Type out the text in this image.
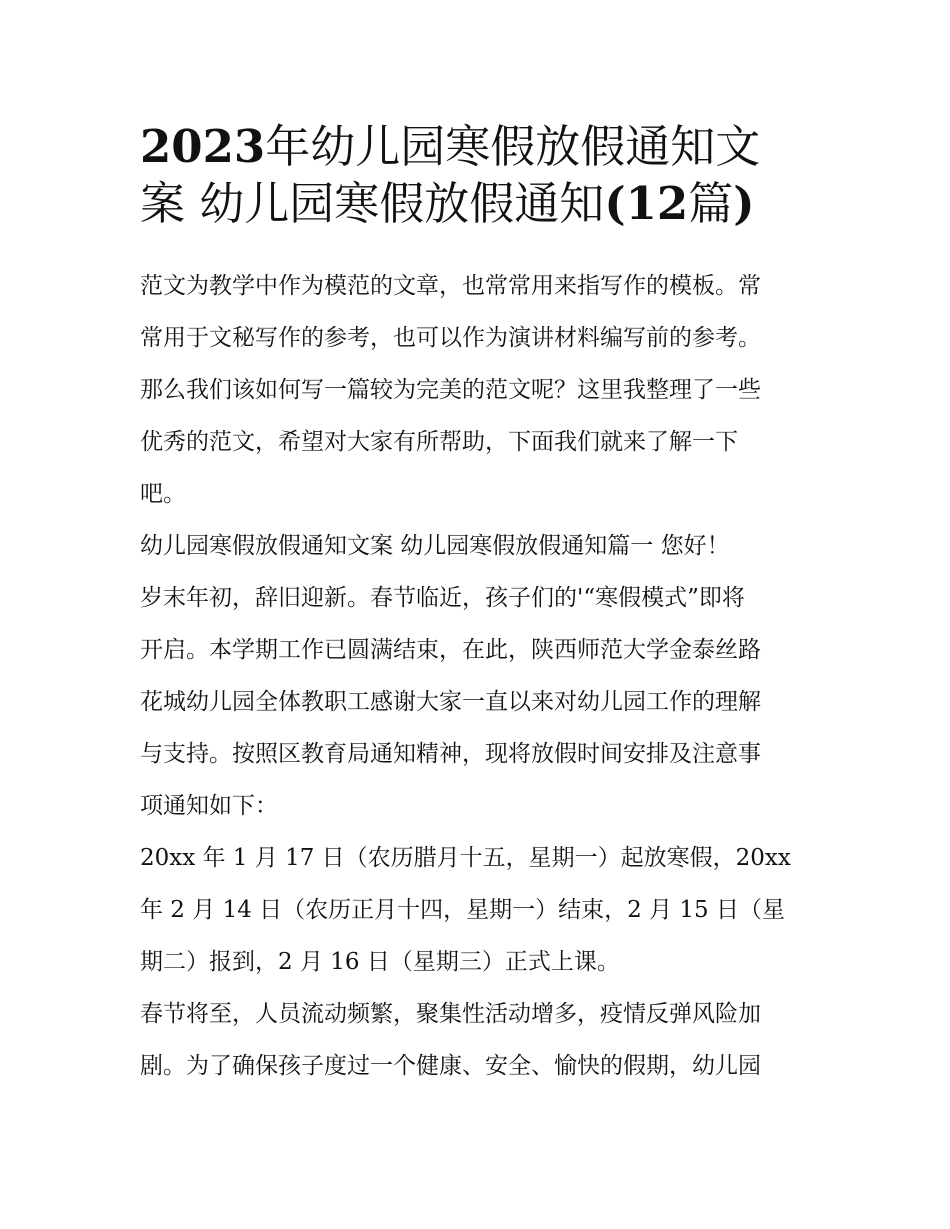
2023年幼儿园寒假放假通知文
案 幼儿园寒假放假通知(12篇)

范文为教学中作为模范的文章，也常常用来指写作的模板。常
常用于文秘写作的参考，也可以作为演讲材料编写前的参考。
那么我们该如何写一篇较为完美的范文呢？这里我整理了一些
优秀的范文，希望对大家有所帮助，下面我们就来了解一下
吧。

幼儿园寒假放假通知文案 幼儿园寒假放假通知篇一 您好！

岁末年初，辞旧迎新。春节临近，孩子们的'“寒假模式”即将
开启。本学期工作已圆满结束，在此，陕西师范大学金泰丝路
花城幼儿园全体教职工感谢大家一直以来对幼儿园工作的理解
与支持。按照区教育局通知精神，现将放假时间安排及注意事
项通知如下：

20xx 年 1 月 17 日（农历腊月十五，星期一）起放寒假，20xx
年 2 月 14 日（农历正月十四，星期一）结束，2 月 15 日（星
期二）报到，2 月 16 日（星期三）正式上课。

春节将至，人员流动频繁，聚集性活动增多，疫情反弹风险加
剧。为了确保孩子度过一个健康、安全、愉快的假期，幼儿园
